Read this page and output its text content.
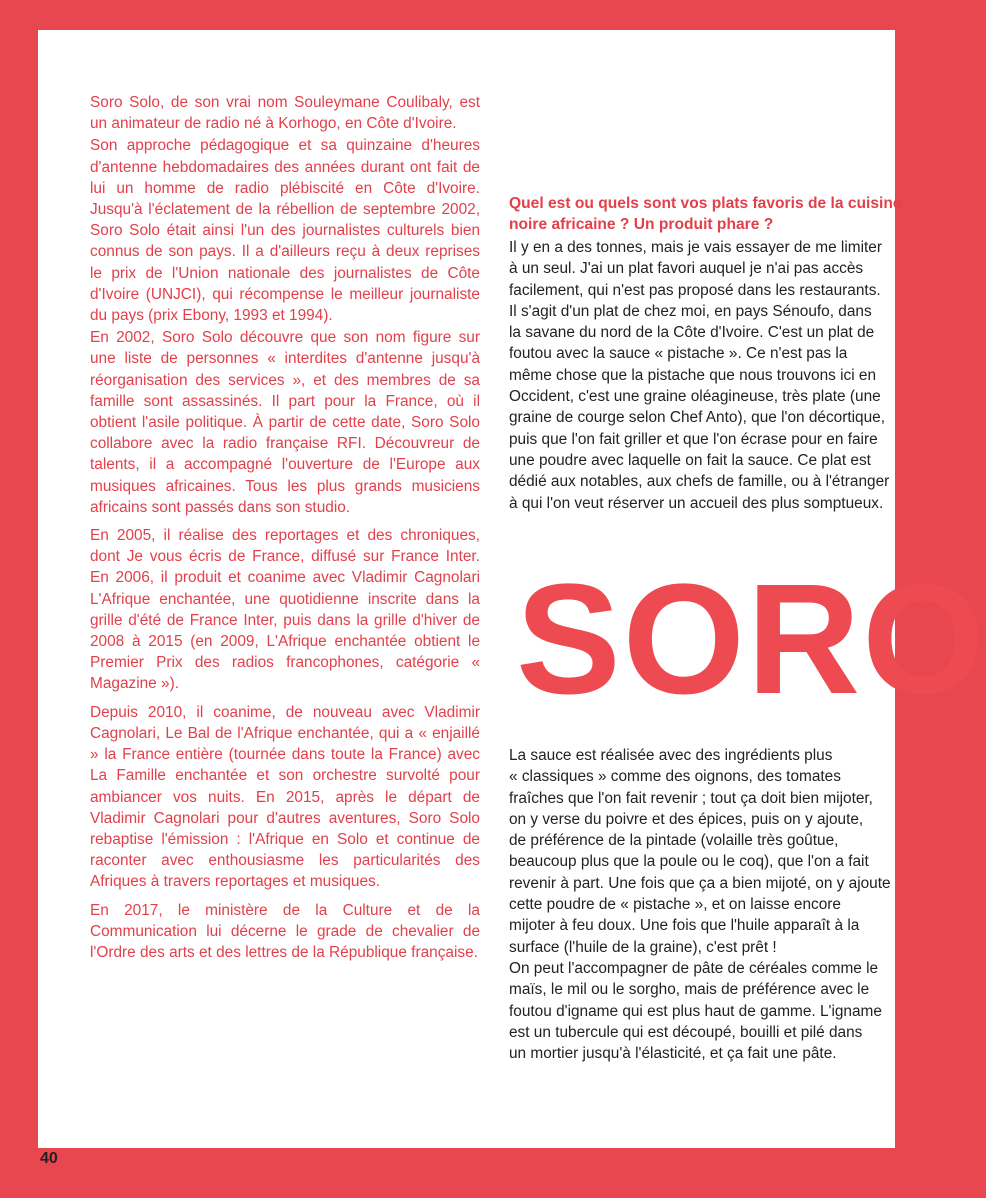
Soro Solo, de son vrai nom Souleymane Coulibaly, est un animateur de radio né à Korhogo, en Côte d'Ivoire.

Son approche pédagogique et sa quinzaine d'heures d'antenne hebdomadaires des années durant ont fait de lui un homme de radio plébiscité en Côte d'Ivoire. Jusqu'à l'éclatement de la rébellion de septembre 2002, Soro Solo était ainsi l'un des journalistes culturels bien connus de son pays. Il a d'ailleurs reçu à deux reprises le prix de l'Union nationale des journalistes de Côte d'Ivoire (UNJCI), qui récompense le meilleur journaliste du pays (prix Ebony, 1993 et 1994).

En 2002, Soro Solo découvre que son nom figure sur une liste de personnes « interdites d'antenne jusqu'à réorganisation des services », et des membres de sa famille sont assassinés. Il part pour la France, où il obtient l'asile politique. À partir de cette date, Soro Solo collabore avec la radio française RFI. Découvreur de talents, il a accompagné l'ouverture de l'Europe aux musiques africaines. Tous les plus grands musiciens africains sont passés dans son studio.

En 2005, il réalise des reportages et des chroniques, dont Je vous écris de France, diffusé sur France Inter. En 2006, il produit et coanime avec Vladimir Cagnolari L'Afrique enchantée, une quotidienne inscrite dans la grille d'été de France Inter, puis dans la grille d'hiver de 2008 à 2015 (en 2009, L'Afrique enchantée obtient le Premier Prix des radios francophones, catégorie « Magazine »).

Depuis 2010, il coanime, de nouveau avec Vladimir Cagnolari, Le Bal de l'Afrique enchantée, qui a « enjaillé » la France entière (tournée dans toute la France) avec La Famille enchantée et son orchestre survolté pour ambiancer vos nuits. En 2015, après le départ de Vladimir Cagnolari pour d'autres aventures, Soro Solo rebaptise l'émission : l'Afrique en Solo et continue de raconter avec enthousiasme les particularités des Afriques à travers reportages et musiques.

En 2017, le ministère de la Culture et de la Communication lui décerne le grade de chevalier de l'Ordre des arts et des lettres de la République française.

Quel est ou quels sont vos plats favoris de la cuisine
noire africaine ? Un produit phare ?

Il y en a des tonnes, mais je vais essayer de me limiter

à un seul. J'ai un plat favori auquel je n'ai pas accès

facilement, qui n'est pas proposé dans les restaurants.

Il s'agit d'un plat de chez moi, en pays Sénoufo, dans

la savane du nord de la Côte d'Ivoire. C'est un plat de

foutou avec la sauce « pistache ». Ce n'est pas la

même chose que la pistache que nous trouvons ici en

Occident, c'est une graine oléagineuse, très plate (une

graine de courge selon Chef Anto), que l'on décortique,

puis que l'on fait griller et que l'on écrase pour en faire

une poudre avec laquelle on fait la sauce. Ce plat est

dédié aux notables, aux chefs de famille, ou à l'étranger

à qui l'on veut réserver un accueil des plus somptueux.

SORO

La sauce est réalisée avec des ingrédients plus

« classiques » comme des oignons, des tomates

fraîches que l'on fait revenir ; tout ça doit bien mijoter,

on y verse du poivre et des épices, puis on y ajoute,

de préférence de la pintade (volaille très goûtue,

beaucoup plus que la poule ou le coq), que l'on a fait

revenir à part. Une fois que ça a bien mijoté, on y ajoute

cette poudre de « pistache », et on laisse encore

mijoter à feu doux. Une fois que l'huile apparaît à la

surface (l'huile de la graine), c'est prêt !

On peut l'accompagner de pâte de céréales comme le

maïs, le mil ou le sorgho, mais de préférence avec le

foutou d'igname qui est plus haut de gamme. L'igname

est un tubercule qui est découpé, bouilli et pilé dans

un mortier jusqu'à l'élasticité, et ça fait une pâte.

40
